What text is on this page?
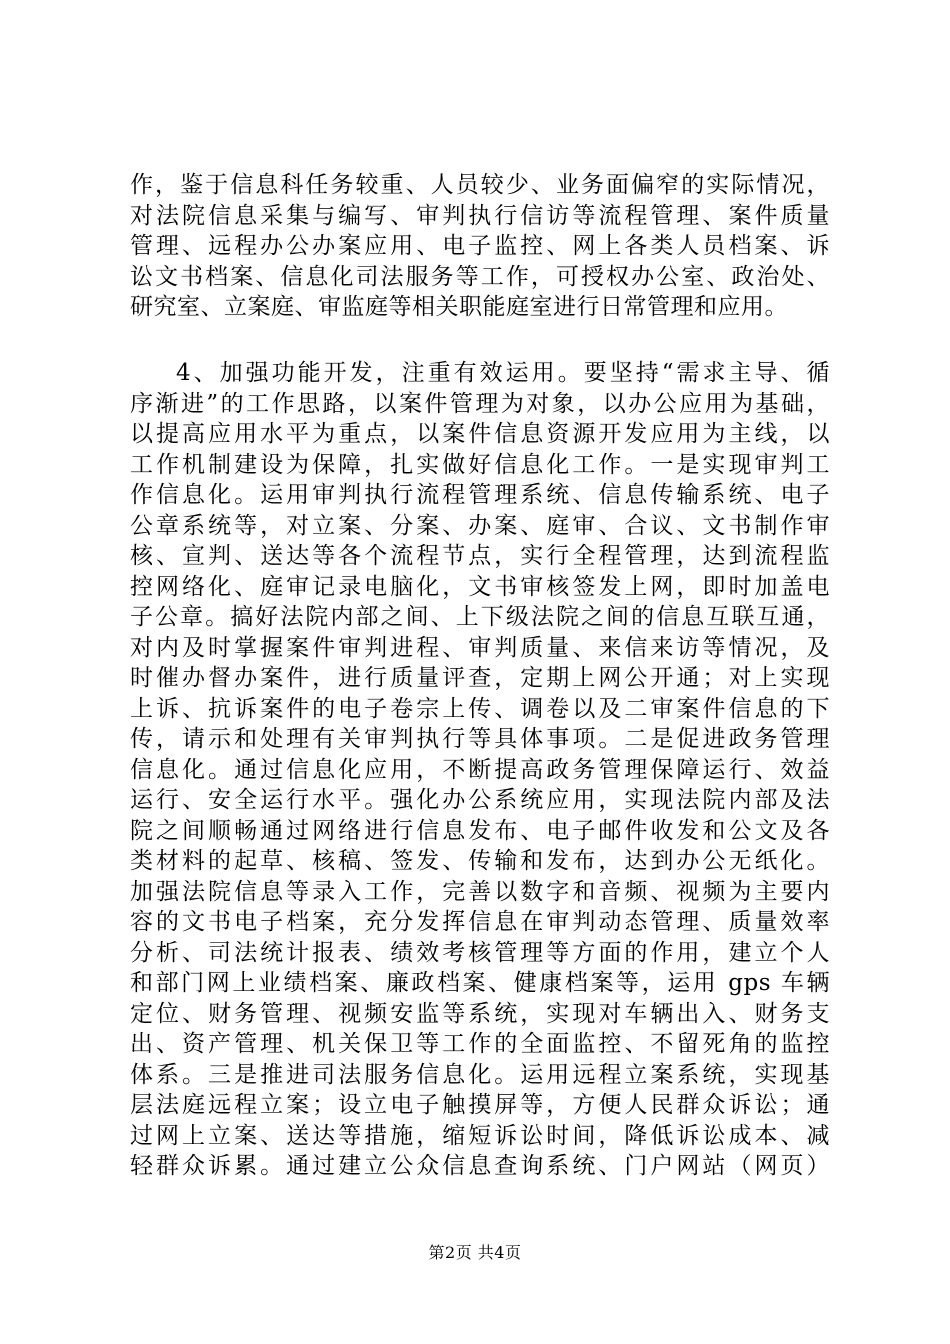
作，鉴于信息科任务较重、人员较少、业务面偏窄的实际情况，
对法院信息采集与编写、审判执行信访等流程管理、案件质量
管理、远程办公办案应用、电子监控、网上各类人员档案、诉
讼文书档案、信息化司法服务等工作，可授权办公室、政治处、
研究室、立案庭、审监庭等相关职能庭室进行日常管理和应用。
4、加强功能开发，注重有效运用。要坚持“需求主导、循
序渐进”的工作思路，以案件管理为对象，以办公应用为基础，
以提高应用水平为重点，以案件信息资源开发应用为主线，以
工作机制建设为保障，扎实做好信息化工作。一是实现审判工
作信息化。运用审判执行流程管理系统、信息传输系统、电子
公章系统等，对立案、分案、办案、庭审、合议、文书制作审
核、宣判、送达等各个流程节点，实行全程管理，达到流程监
控网络化、庭审记录电脑化，文书审核签发上网，即时加盖电
子公章。搞好法院内部之间、上下级法院之间的信息互联互通，
对内及时掌握案件审判进程、审判质量、来信来访等情况，及
时催办督办案件，进行质量评查，定期上网公开通；对上实现
上诉、抗诉案件的电子卷宗上传、调卷以及二审案件信息的下
传，请示和处理有关审判执行等具体事项。二是促进政务管理
信息化。通过信息化应用，不断提高政务管理保障运行、效益
运行、安全运行水平。强化办公系统应用，实现法院内部及法
院之间顺畅通过网络进行信息发布、电子邮件收发和公文及各
类材料的起草、核稿、签发、传输和发布，达到办公无纸化。
加强法院信息等录入工作，完善以数字和音频、视频为主要内
容的文书电子档案，充分发挥信息在审判动态管理、质量效率
分析、司法统计报表、绩效考核管理等方面的作用，建立个人
和部门网上业绩档案、廉政档案、健康档案等，运用 gps 车辆
定位、财务管理、视频安监等系统，实现对车辆出入、财务支
出、资产管理、机关保卫等工作的全面监控、不留死角的监控
体系。三是推进司法服务信息化。运用远程立案系统，实现基
层法庭远程立案；设立电子触摸屏等，方便人民群众诉讼；通
过网上立案、送达等措施，缩短诉讼时间，降低诉讼成本、减
轻群众诉累。通过建立公众信息查询系统、门户网站（网页）
第2页 共4页
